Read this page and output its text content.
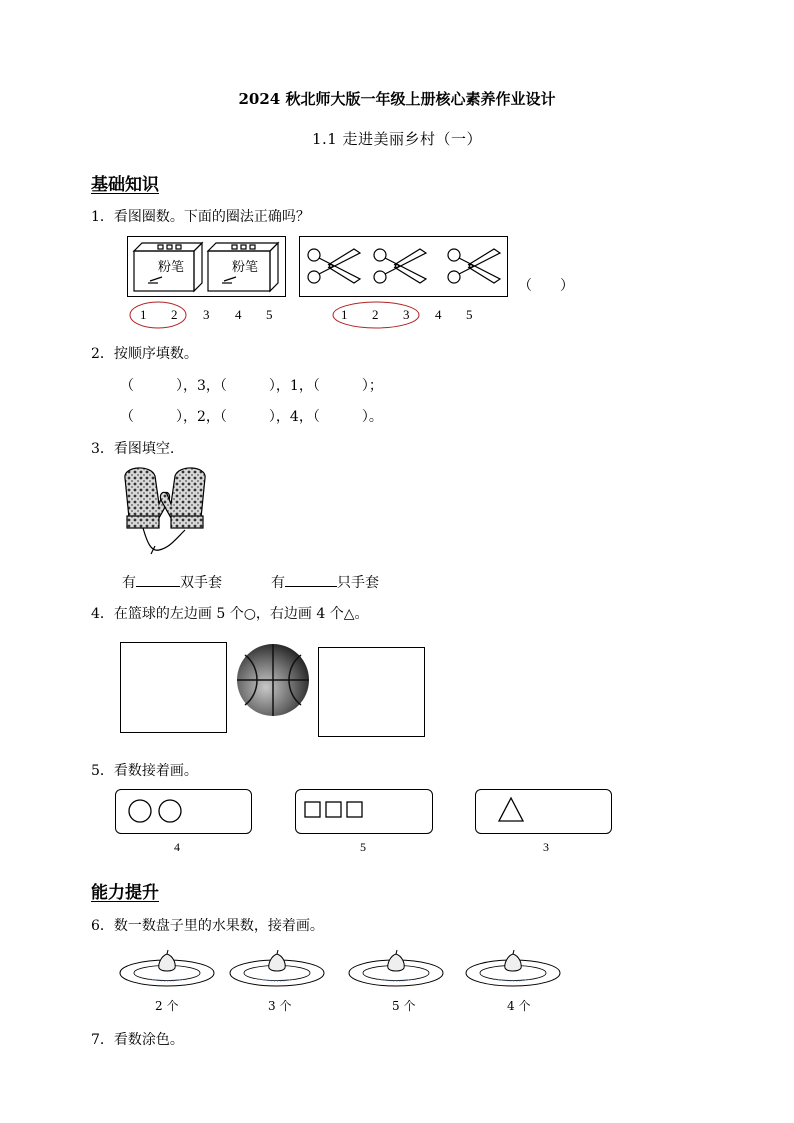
2024 秋北师大版一年级上册核心素养作业设计
1.1 走进美丽乡村（一）
基础知识
1．看图圈数。下面的圈法正确吗？
粉笔	粉笔
（　　）
1 2 3 4 5	1 2 3 4 5
2．按顺序填数。
（　　　），3，（　　　），1，（　　　）；
（　　　），2，（　　　），4，（　　　）。
3．看图填空.
有	双手套	有	只手套
4．在篮球的左边画 5 个○，右边画 4 个△。
5．看数接着画。
4	5	3
能力提升
6．数一数盘子里的水果数，接着画。
2 个	3 个	5 个	4 个
7．看数涂色。
